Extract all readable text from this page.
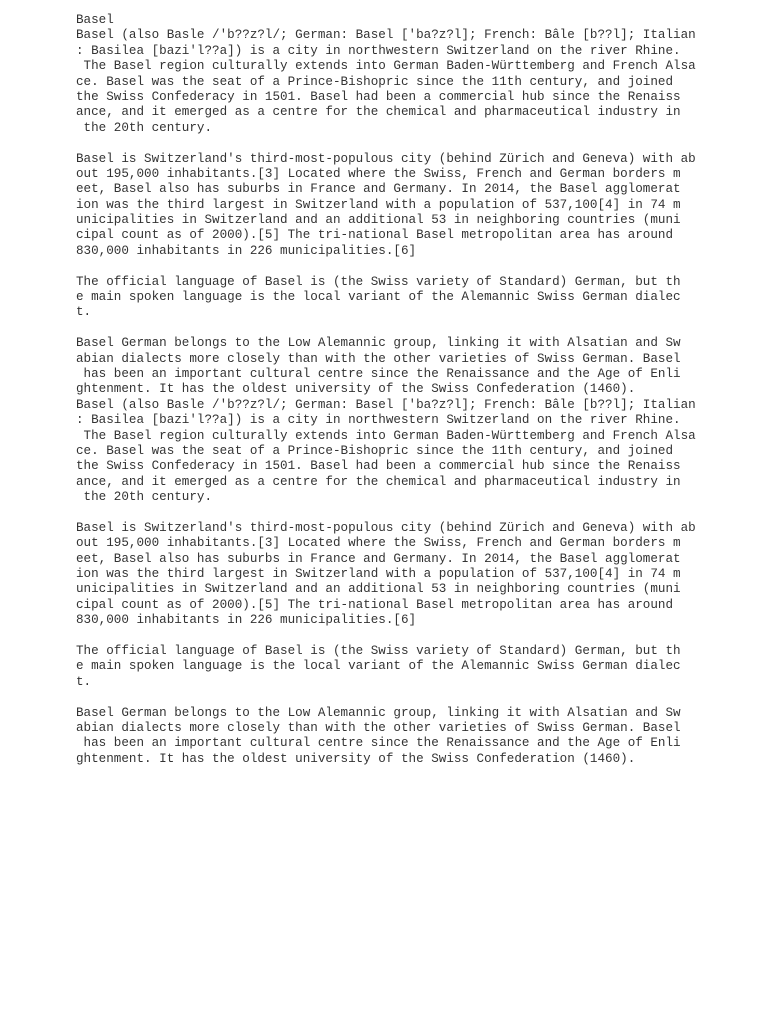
Basel
Basel (also Basle /'b??z?l/; German: Basel ['ba?z?l]; French: Bâle [b??l]; Italian
: Basilea [bazi'l??a]) is a city in northwestern Switzerland on the river Rhine.
The Basel region culturally extends into German Baden-Württemberg and French Alsa
ce. Basel was the seat of a Prince-Bishopric since the 11th century, and joined
the Swiss Confederacy in 1501. Basel had been a commercial hub since the Renaiss
ance, and it emerged as a centre for the chemical and pharmaceutical industry in
the 20th century.
Basel is Switzerland's third-most-populous city (behind Zürich and Geneva) with ab
out 195,000 inhabitants.[3] Located where the Swiss, French and German borders m
eet, Basel also has suburbs in France and Germany. In 2014, the Basel agglomerat
ion was the third largest in Switzerland with a population of 537,100[4] in 74 m
unicipalities in Switzerland and an additional 53 in neighboring countries (muni
cipal count as of 2000).[5] The tri-national Basel metropolitan area has around
830,000 inhabitants in 226 municipalities.[6]
The official language of Basel is (the Swiss variety of Standard) German, but th
e main spoken language is the local variant of the Alemannic Swiss German dialec
t.
Basel German belongs to the Low Alemannic group, linking it with Alsatian and Sw
abian dialects more closely than with the other varieties of Swiss German. Basel
has been an important cultural centre since the Renaissance and the Age of Enli
ghtenment. It has the oldest university of the Swiss Confederation (1460).
Basel (also Basle /'b??z?l/; German: Basel ['ba?z?l]; French: Bâle [b??l]; Italian
: Basilea [bazi'l??a]) is a city in northwestern Switzerland on the river Rhine.
The Basel region culturally extends into German Baden-Württemberg and French Alsa
ce. Basel was the seat of a Prince-Bishopric since the 11th century, and joined
the Swiss Confederacy in 1501. Basel had been a commercial hub since the Renaiss
ance, and it emerged as a centre for the chemical and pharmaceutical industry in
the 20th century.
Basel is Switzerland's third-most-populous city (behind Zürich and Geneva) with ab
out 195,000 inhabitants.[3] Located where the Swiss, French and German borders m
eet, Basel also has suburbs in France and Germany. In 2014, the Basel agglomerat
ion was the third largest in Switzerland with a population of 537,100[4] in 74 m
unicipalities in Switzerland and an additional 53 in neighboring countries (muni
cipal count as of 2000).[5] The tri-national Basel metropolitan area has around
830,000 inhabitants in 226 municipalities.[6]
The official language of Basel is (the Swiss variety of Standard) German, but th
e main spoken language is the local variant of the Alemannic Swiss German dialec
t.
Basel German belongs to the Low Alemannic group, linking it with Alsatian and Sw
abian dialects more closely than with the other varieties of Swiss German. Basel
has been an important cultural centre since the Renaissance and the Age of Enli
ghtenment. It has the oldest university of the Swiss Confederation (1460).
